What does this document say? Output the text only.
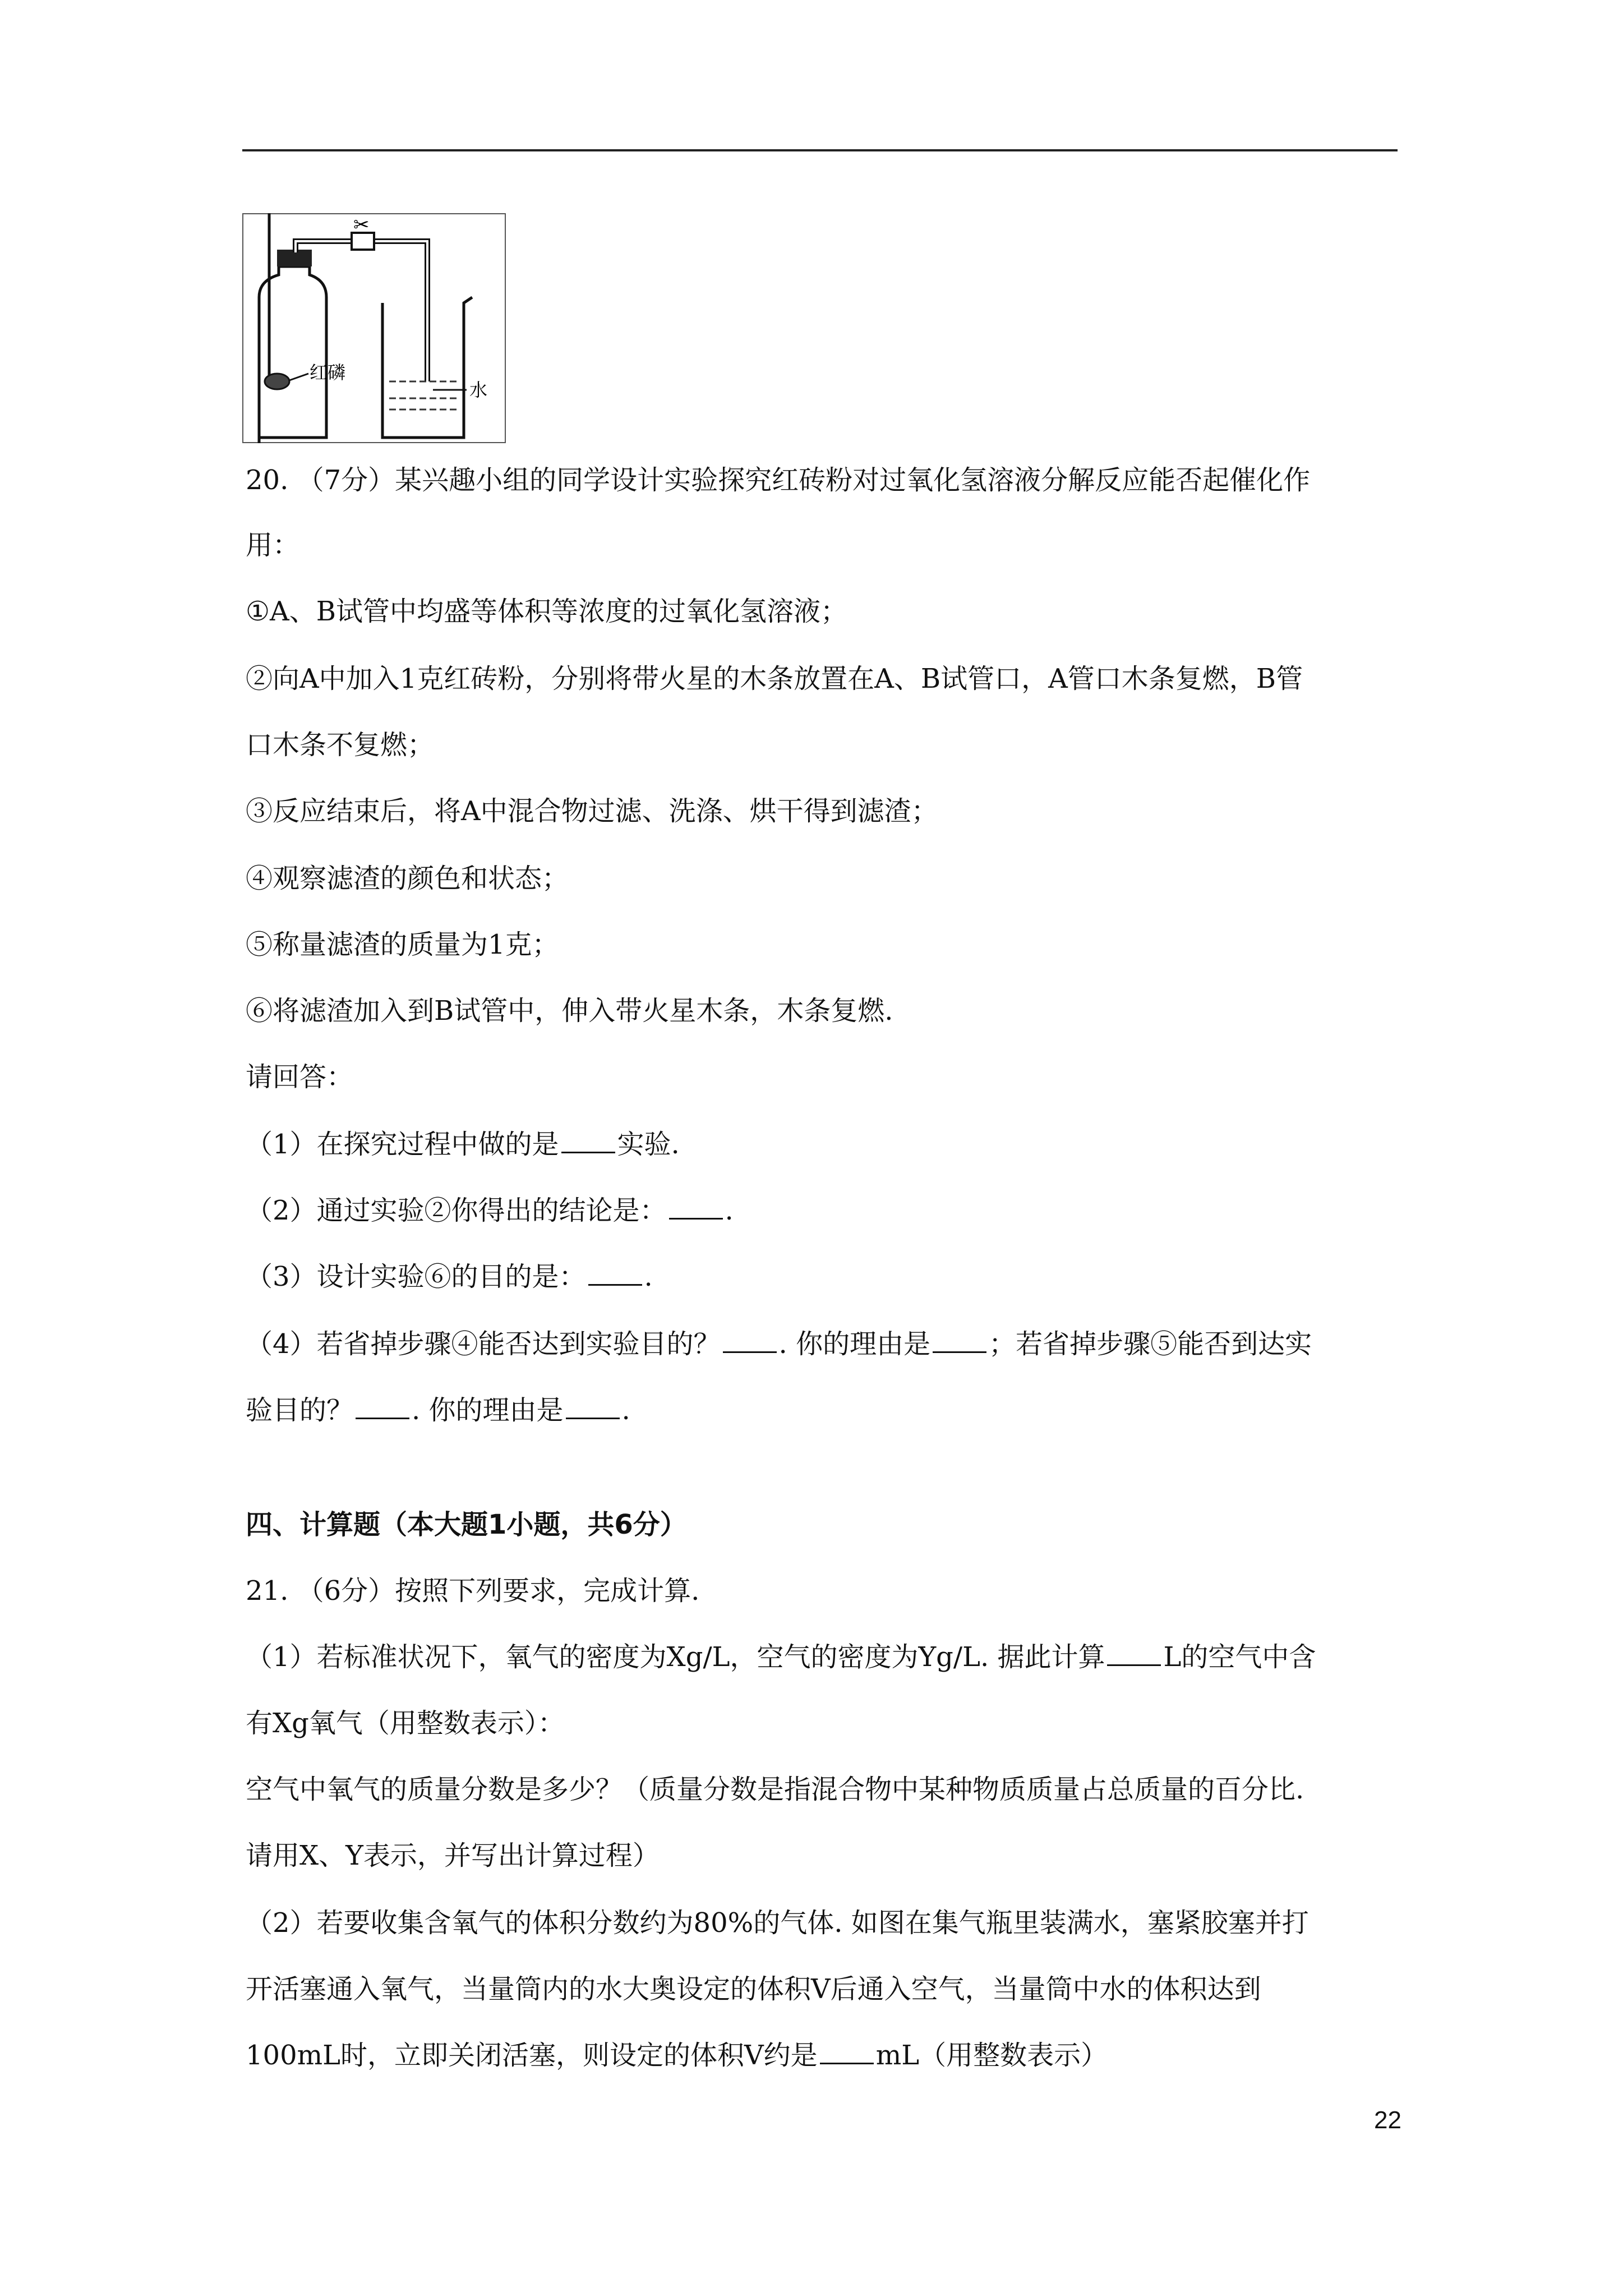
红磷
✂
水
20. （7分）某兴趣小组的同学设计实验探究红砖粉对过氧化氢溶液分解反应能否起催化作
用：
①A、B试管中均盛等体积等浓度的过氧化氢溶液；
②向A中加入1克红砖粉，分别将带火星的木条放置在A、B试管口，A管口木条复燃，B管
口木条不复燃；
③反应结束后，将A中混合物过滤、洗涤、烘干得到滤渣；
④观察滤渣的颜色和状态；
⑤称量滤渣的质量为1克；
⑥将滤渣加入到B试管中，伸入带火星木条，木条复燃.
请回答：
（1）在探究过程中做的是 实验.
（2）通过实验②你得出的结论是： .
（3）设计实验⑥的目的是： .
（4）若省掉步骤④能否达到实验目的？ . 你的理由是 ；若省掉步骤⑤能否到达实
验目的？ . 你的理由是 .
四、计算题（本大题1小题，共6分）
21. （6分）按照下列要求，完成计算.
（1）若标准状况下，氧气的密度为Xg/L，空气的密度为Yg/L. 据此计算 L的空气中含
有Xg氧气（用整数表示）：
空气中氧气的质量分数是多少？（质量分数是指混合物中某种物质质量占总质量的百分比.
请用X、Y表示，并写出计算过程）
（2）若要收集含氧气的体积分数约为80%的气体. 如图在集气瓶里装满水，塞紧胶塞并打
开活塞通入氧气，当量筒内的水大奥设定的体积V后通入空气，当量筒中水的体积达到
100mL时，立即关闭活塞，则设定的体积V约是 mL（用整数表示）
22
